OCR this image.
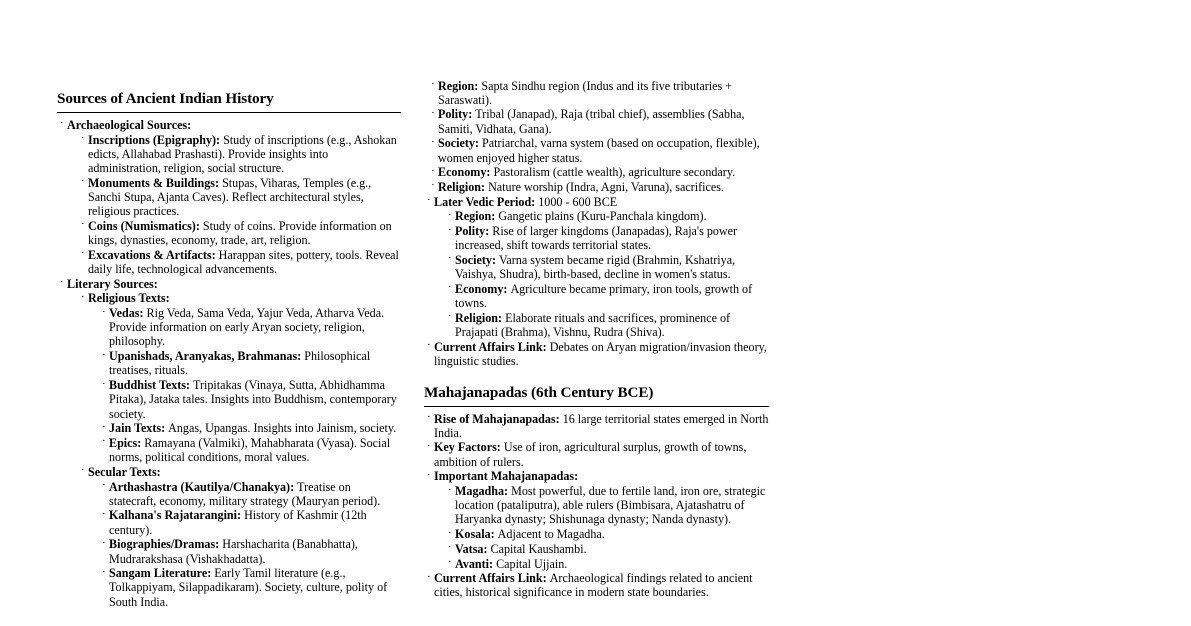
Sources of Ancient Indian History
· Archaeological Sources:
· Inscriptions (Epigraphy): Study of inscriptions (e.g., Ashokan edicts, Allahabad Prashasti). Provide insights into administration, religion, social structure.
· Monuments & Buildings: Stupas, Viharas, Temples (e.g., Sanchi Stupa, Ajanta Caves). Reflect architectural styles, religious practices.
· Coins (Numismatics): Study of coins. Provide information on kings, dynasties, economy, trade, art, religion.
· Excavations & Artifacts: Harappan sites, pottery, tools. Reveal daily life, technological advancements.
· Literary Sources:
· Religious Texts:
· Vedas: Rig Veda, Sama Veda, Yajur Veda, Atharva Veda. Provide information on early Aryan society, religion, philosophy.
· Upanishads, Aranyakas, Brahmanas: Philosophical treatises, rituals.
· Buddhist Texts: Tripitakas (Vinaya, Sutta, Abhidhamma Pitaka), Jataka tales. Insights into Buddhism, contemporary society.
· Jain Texts: Angas, Upangas. Insights into Jainism, society.
· Epics: Ramayana (Valmiki), Mahabharata (Vyasa). Social norms, political conditions, moral values.
· Secular Texts:
· Arthashastra (Kautilya/Chanakya): Treatise on statecraft, economy, military strategy (Mauryan period).
· Kalhana's Rajatarangini: History of Kashmir (12th century).
· Biographies/Dramas: Harshacharita (Banabhatta), Mudrarakshasa (Vishakhadatta).
· Sangam Literature: Early Tamil literature (e.g., Tolkappiyam, Silappadikaram). Society, culture, polity of South India.
· Region: Sapta Sindhu region (Indus and its five tributaries + Saraswati).
· Polity: Tribal (Janapad), Raja (tribal chief), assemblies (Sabha, Samiti, Vidhata, Gana).
· Society: Patriarchal, varna system (based on occupation, flexible), women enjoyed higher status.
· Economy: Pastoralism (cattle wealth), agriculture secondary.
· Religion: Nature worship (Indra, Agni, Varuna), sacrifices.
· Later Vedic Period: 1000 - 600 BCE
· Region: Gangetic plains (Kuru-Panchala kingdom).
· Polity: Rise of larger kingdoms (Janapadas), Raja's power increased, shift towards territorial states.
· Society: Varna system became rigid (Brahmin, Kshatriya, Vaishya, Shudra), birth-based, decline in women's status.
· Economy: Agriculture became primary, iron tools, growth of towns.
· Religion: Elaborate rituals and sacrifices, prominence of Prajapati (Brahma), Vishnu, Rudra (Shiva).
· Current Affairs Link: Debates on Aryan migration/invasion theory, linguistic studies.
Mahajanapadas (6th Century BCE)
· Rise of Mahajanapadas: 16 large territorial states emerged in North India.
· Key Factors: Use of iron, agricultural surplus, growth of towns, ambition of rulers.
· Important Mahajanapadas:
· Magadha: Most powerful, due to fertile land, iron ore, strategic location (pataliputra), able rulers (Bimbisara, Ajatashatru of Haryanka dynasty; Shishunaga dynasty; Nanda dynasty).
· Kosala: Adjacent to Magadha.
· Vatsa: Capital Kaushambi.
· Avanti: Capital Ujjain.
· Current Affairs Link: Archaeological findings related to ancient cities, historical significance in modern state boundaries.
